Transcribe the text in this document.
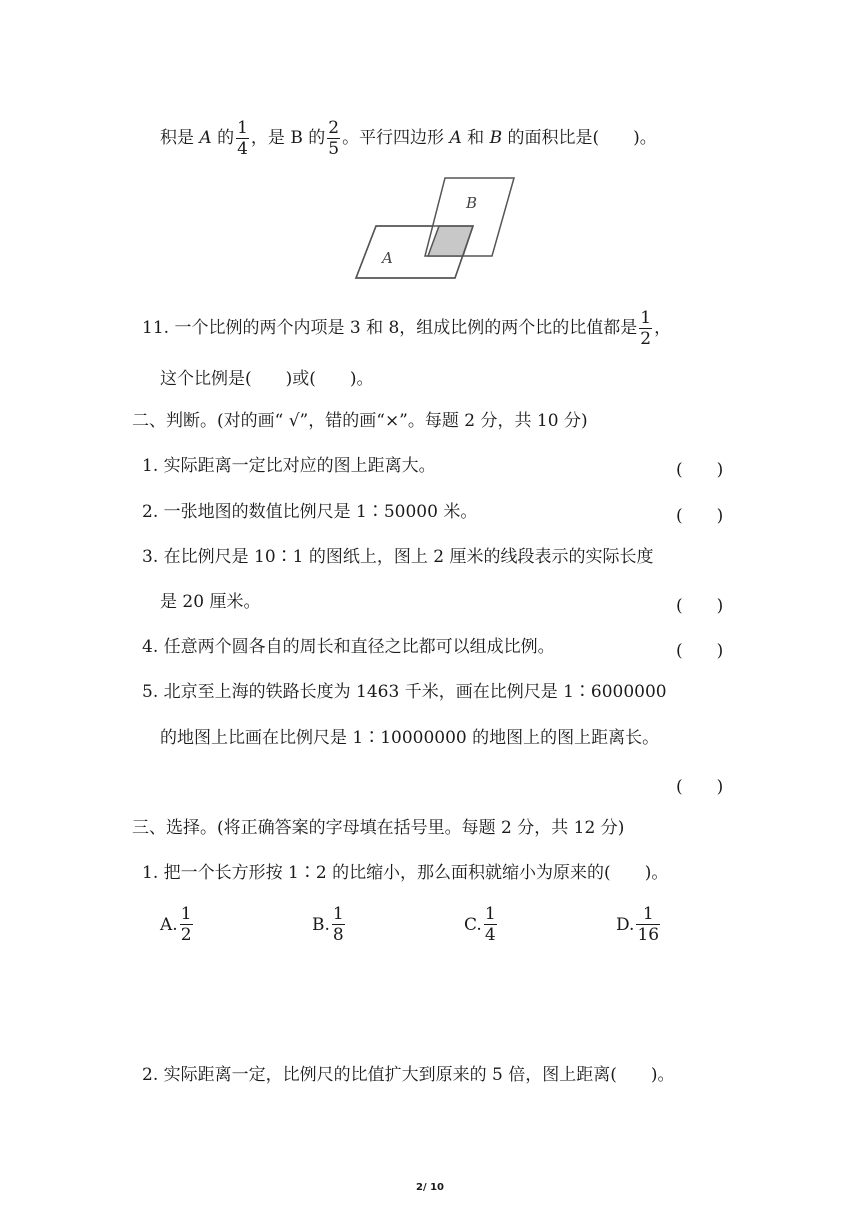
积是 A 的 $\frac{1}{4}$ ，是 B 的 $\frac{2}{5}$ 。平行四边形 A 和 B 的面积比是(　　)。
A
B
11. 一个比例的两个内项是 3 和 8，组成比例的两个比的比值都是 $\frac{1}{2}$ ，
这个比例是(　　)或(　　)。
二、判断。(对的画“ √”，错的画“×”。每题 2 分，共 10 分)
1. 实际距离一定比对应的图上距离大。	(　　)
2. 一张地图的数值比例尺是 1∶50000 米。	(　　)
3. 在比例尺是 10∶1 的图纸上，图上 2 厘米的线段表示的实际长度
是 20 厘米。	(　　)
4. 任意两个圆各自的周长和直径之比都可以组成比例。	(　　)
5. 北京至上海的铁路长度为 1463 千米，画在比例尺是 1∶6000000
的地图上比画在比例尺是 1∶10000000 的地图上的图上距离长。
(　　)
三、选择。(将正确答案的字母填在括号里。每题 2 分，共 12 分)
1. 把一个长方形按 1∶2 的比缩小，那么面积就缩小为原来的(　　)。
A. $\frac{1}{2}$	B. $\frac{1}{8}$	C. $\frac{1}{4}$	D. $\frac{1}{16}$
2. 实际距离一定，比例尺的比值扩大到原来的 5 倍，图上距离(　　)。
2/ 10
